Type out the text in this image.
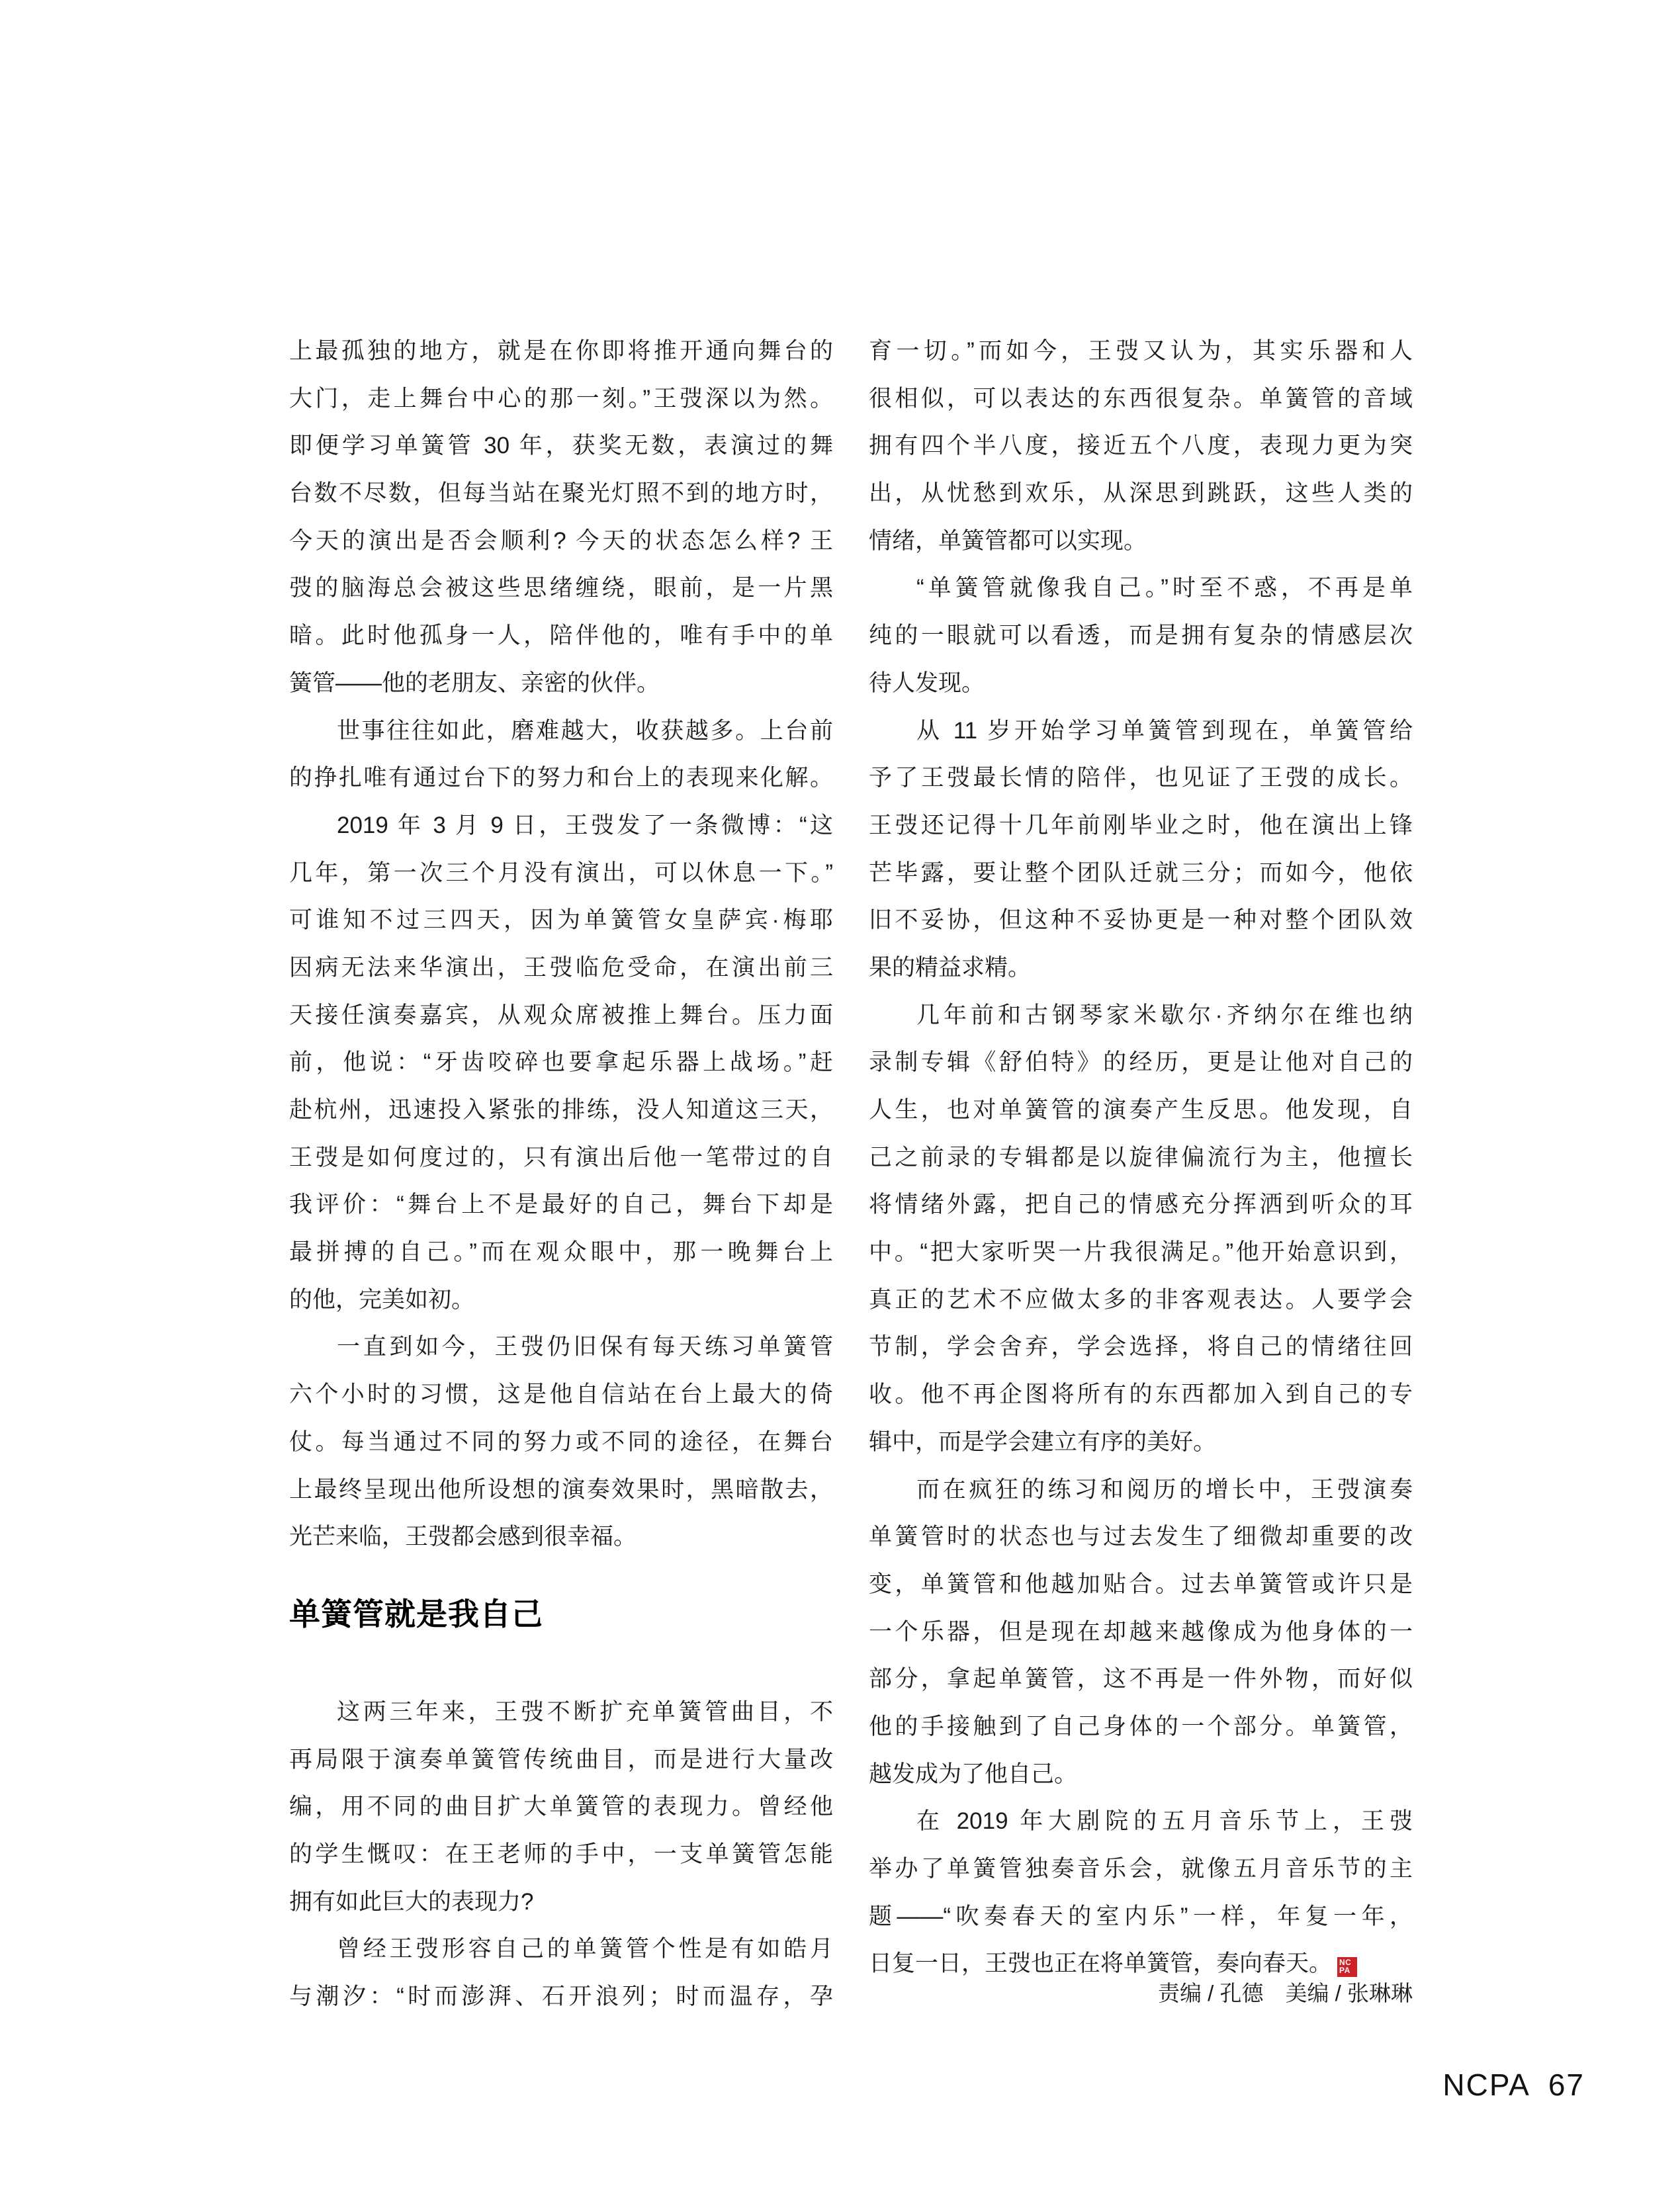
上最孤独的地方，就是在你即将推开通向舞台的
大门，走上舞台中心的那一刻。”王弢深以为然。
即便学习单簧管 30 年，获奖无数，表演过的舞
台数不尽数，但每当站在聚光灯照不到的地方时，
今天的演出是否会顺利? 今天的状态怎么样? 王
弢的脑海总会被这些思绪缠绕，眼前，是一片黑
暗。此时他孤身一人，陪伴他的，唯有手中的单
簧管——他的老朋友、亲密的伙伴。
世事往往如此，磨难越大，收获越多。上台前
的挣扎唯有通过台下的努力和台上的表现来化解。
2019 年 3 月 9 日，王弢发了一条微博：“这
几年，第一次三个月没有演出，可以休息一下。”
可谁知不过三四天，因为单簧管女皇萨宾·梅耶
因病无法来华演出，王弢临危受命，在演出前三
天接任演奏嘉宾，从观众席被推上舞台。压力面
前，他说：“牙齿咬碎也要拿起乐器上战场。”赶
赴杭州，迅速投入紧张的排练，没人知道这三天，
王弢是如何度过的，只有演出后他一笔带过的自
我评价：“舞台上不是最好的自己，舞台下却是
最拼搏的自己。”而在观众眼中，那一晚舞台上
的他，完美如初。
一直到如今，王弢仍旧保有每天练习单簧管
六个小时的习惯，这是他自信站在台上最大的倚
仗。每当通过不同的努力或不同的途径，在舞台
上最终呈现出他所设想的演奏效果时，黑暗散去，
光芒来临，王弢都会感到很幸福。
单簧管就是我自己
这两三年来，王弢不断扩充单簧管曲目，不
再局限于演奏单簧管传统曲目，而是进行大量改
编，用不同的曲目扩大单簧管的表现力。曾经他
的学生慨叹：在王老师的手中，一支单簧管怎能
拥有如此巨大的表现力?
曾经王弢形容自己的单簧管个性是有如皓月
与潮汐：“时而澎湃、石开浪列；时而温存，孕
育一切。”而如今，王弢又认为，其实乐器和人
很相似，可以表达的东西很复杂。单簧管的音域
拥有四个半八度，接近五个八度，表现力更为突
出，从忧愁到欢乐，从深思到跳跃，这些人类的
情绪，单簧管都可以实现。
“单簧管就像我自己。”时至不惑，不再是单
纯的一眼就可以看透，而是拥有复杂的情感层次
待人发现。
从 11 岁开始学习单簧管到现在，单簧管给
予了王弢最长情的陪伴，也见证了王弢的成长。
王弢还记得十几年前刚毕业之时，他在演出上锋
芒毕露，要让整个团队迁就三分；而如今，他依
旧不妥协，但这种不妥协更是一种对整个团队效
果的精益求精。
几年前和古钢琴家米歇尔·齐纳尔在维也纳
录制专辑《舒伯特》的经历，更是让他对自己的
人生，也对单簧管的演奏产生反思。他发现，自
己之前录的专辑都是以旋律偏流行为主，他擅长
将情绪外露，把自己的情感充分挥洒到听众的耳
中。“把大家听哭一片我很满足。”他开始意识到，
真正的艺术不应做太多的非客观表达。人要学会
节制，学会舍弃，学会选择，将自己的情绪往回
收。他不再企图将所有的东西都加入到自己的专
辑中，而是学会建立有序的美好。
而在疯狂的练习和阅历的增长中，王弢演奏
单簧管时的状态也与过去发生了细微却重要的改
变，单簧管和他越加贴合。过去单簧管或许只是
一个乐器，但是现在却越来越像成为他身体的一
部分，拿起单簧管，这不再是一件外物，而好似
他的手接触到了自己身体的一个部分。单簧管，
越发成为了他自己。
在 2019 年大剧院的五月音乐节上，王弢
举办了单簧管独奏音乐会，就像五月音乐节的主
题——“吹奏春天的室内乐”一样，年复一年，
日复一日，王弢也正在将单簧管，奏向春天。 NC
PA
责编 / 孔德　美编 / 张琳琳
NCPA  67
